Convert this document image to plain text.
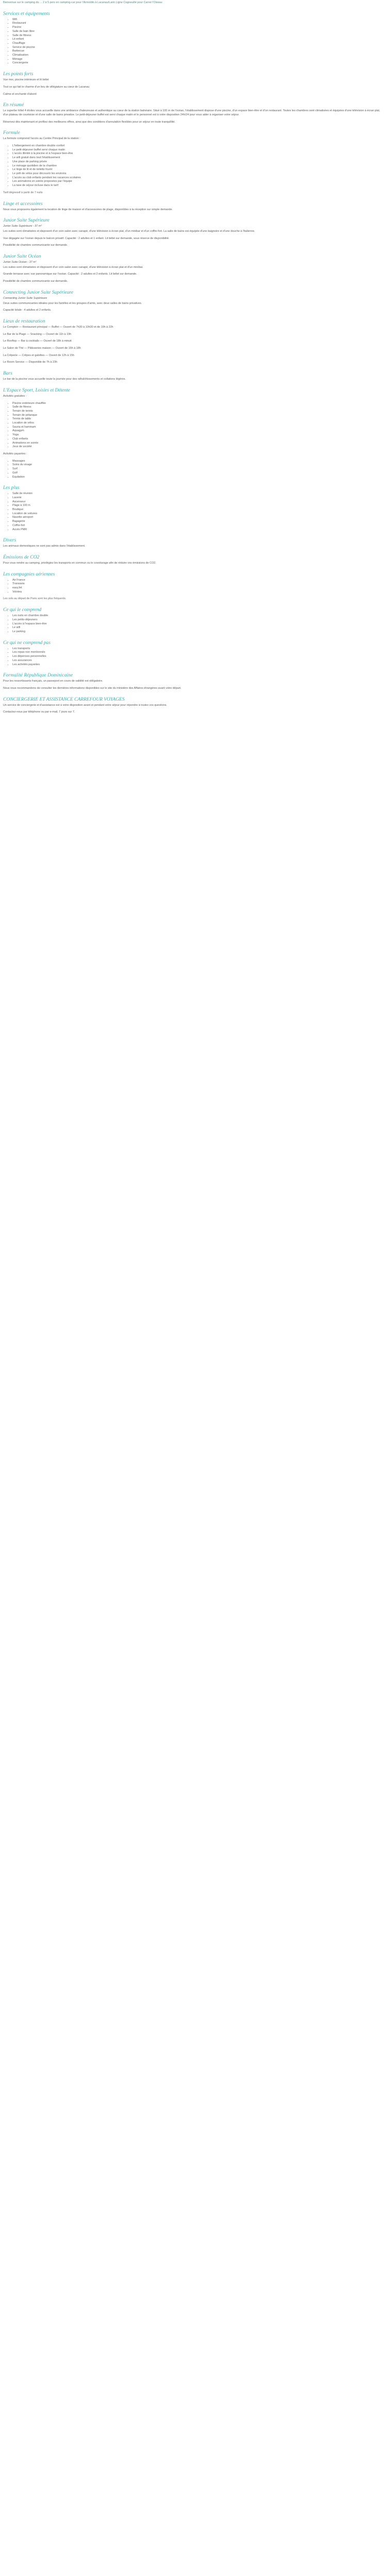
Bienvenue sur le camping du ... 2 à 5 pers en camping-car pour l'Armoldin à Lacanau/Larin Ligne Cogneuille pour Carrer l'Oiseau
Services et équipements
• Wifi
• Restaurant
• Piscine
• Salle de bain libre
• Salle de fitness
• Lit enfant
• Chauffage
• Service de piscine
• Barbecue
• Climatisation
• Ménage
• Conciergerie
Les points forts

Vue mer, piscine intérieure et lit bébé

Tout ce qui fait le charme d'un lieu de villégiature au cœur de Lacanau

Calme et enchanté d'abord

En résumé

Le superbe hôtel 4 étoiles vous accueille dans une ambiance chaleureuse et authentique au cœur de la station balnéaire. Situé à 100 m de l'océan, l'établissement dispose d'une piscine, d'un espace bien-être et d'un restaurant. Toutes les chambres sont climatisées et équipées d'une télévision à écran plat, d'un plateau de courtoisie et d'une salle de bains privative. Le petit-déjeuner buffet est servi chaque matin et le personnel est à votre disposition 24h/24 pour vous aider à organiser votre séjour.

Réservez dès maintenant et profitez des meilleures offres, ainsi que des conditions d'annulation flexibles pour un séjour en toute tranquillité.

Formule

La formule comprend l'accès au Centre Principal de la station :

• L'hébergement en chambre double confort
• Le petit-déjeuner buffet servi chaque matin
• L'accès illimité à la piscine et à l'espace bien-être
• Le wifi gratuit dans tout l'établissement
• Une place de parking privée
• Le ménage quotidien de la chambre
• Le linge de lit et de toilette fourni
• Le prêt de vélos pour découvrir les environs
• L'accès au club enfants pendant les vacances scolaires
• Les animations en soirée proposées par l'équipe
• La taxe de séjour incluse dans le tarif

Tarif dégressif à partir de 7 nuits

Linge et accessoires

Nous vous proposons également la location de linge de maison et d'accessoires de plage, disponibles à la réception sur simple demande.

Junior Suite Supérieure
Junior Suite Supérieure - 37 m²

Les suites sont climatisées et disposent d'un coin salon avec canapé, d'une télévision à écran plat, d'un minibar et d'un coffre-fort. La salle de bains est équipée d'une baignoire et d'une douche à l'italienne.

Vue dégagée sur l'océan depuis le balcon privatif. Capacité : 2 adultes et 1 enfant. Lit bébé sur demande, sous réserve de disponibilité.

Possibilité de chambre communicante sur demande.

Junior Suite Océan
Junior Suite Océan - 37 m²

Les suites sont climatisées et disposent d'un coin salon avec canapé, d'une télévision à écran plat et d'un minibar.

Grande terrasse avec vue panoramique sur l'océan. Capacité : 2 adultes et 2 enfants. Lit bébé sur demande.

Possibilité de chambre communicante sur demande.

Connecting Junior Suite Supérieure
Connecting Junior Suite Supérieure

Deux suites communicantes idéales pour les familles et les groupes d'amis, avec deux salles de bains privatives.

Capacité totale : 4 adultes et 2 enfants.

Lieux de restauration

Le Comptoir — Restaurant principal — Buffet — Ouvert de 7h30 à 10h30 et de 19h à 22h

Le Bar de la Plage — Snacking — Ouvert de 11h à 19h

Le Rooftop — Bar à cocktails — Ouvert de 18h à minuit

Le Salon de Thé — Pâtisseries maison — Ouvert de 15h à 18h

La Crêperie — Crêpes et galettes — Ouvert de 12h à 15h

Le Room Service — Disponible de 7h à 23h

Bars

Le bar de la piscine vous accueille toute la journée pour des rafraîchissements et collations légères.

L'Espace Sport, Loisirs et Détente

Activités gratuites :

• Piscine extérieure chauffée
• Salle de fitness
• Terrain de tennis
• Terrain de pétanque
• Tennis de table
• Location de vélos
• Sauna et hammam
• Aquagym
• Yoga
• Club enfants
• Animations en soirée
• Jeux de société

Activités payantes :

• Massages
• Soins du visage
• Surf
• Golf
• Équitation
Les plus
• Salle de réunion
• Laverie
• Ascenseur
• Plage à 100 m
• Boutique
• Location de voitures
• Navette aéroport
• Bagagerie
• Coffre-fort
• Accès PMR
Divers

Les animaux domestiques ne sont pas admis dans l'établissement.

Émissions de CO2

Pour vous rendre au camping, privilégiez les transports en commun ou le covoiturage afin de réduire vos émissions de CO2.

Les compagnies aériennes
• Air France
• Transavia
• easyJet
• Volotea

Les vols au départ de Paris sont les plus fréquents.

Ce qui le comprend
• Les nuits en chambre double
• Les petits-déjeuners
• L'accès à l'espace bien-être
• Le wifi
• Le parking
Ce qui ne comprend pas
• Les transports
• Les repas non mentionnés
• Les dépenses personnelles
• Les assurances
• Les activités payantes
Formalité République Dominicaine

Pour les ressortissants français, un passeport en cours de validité est obligatoire.

Nous vous recommandons de consulter les dernières informations disponibles sur le site du ministère des Affaires étrangères avant votre départ.

CONCIERGERIE ET ASSISTANCE CARREFOUR VOYAGES

Un service de conciergerie et d'assistance est à votre disposition avant et pendant votre séjour pour répondre à toutes vos questions.

Contactez-nous par téléphone ou par e-mail, 7 jours sur 7.
